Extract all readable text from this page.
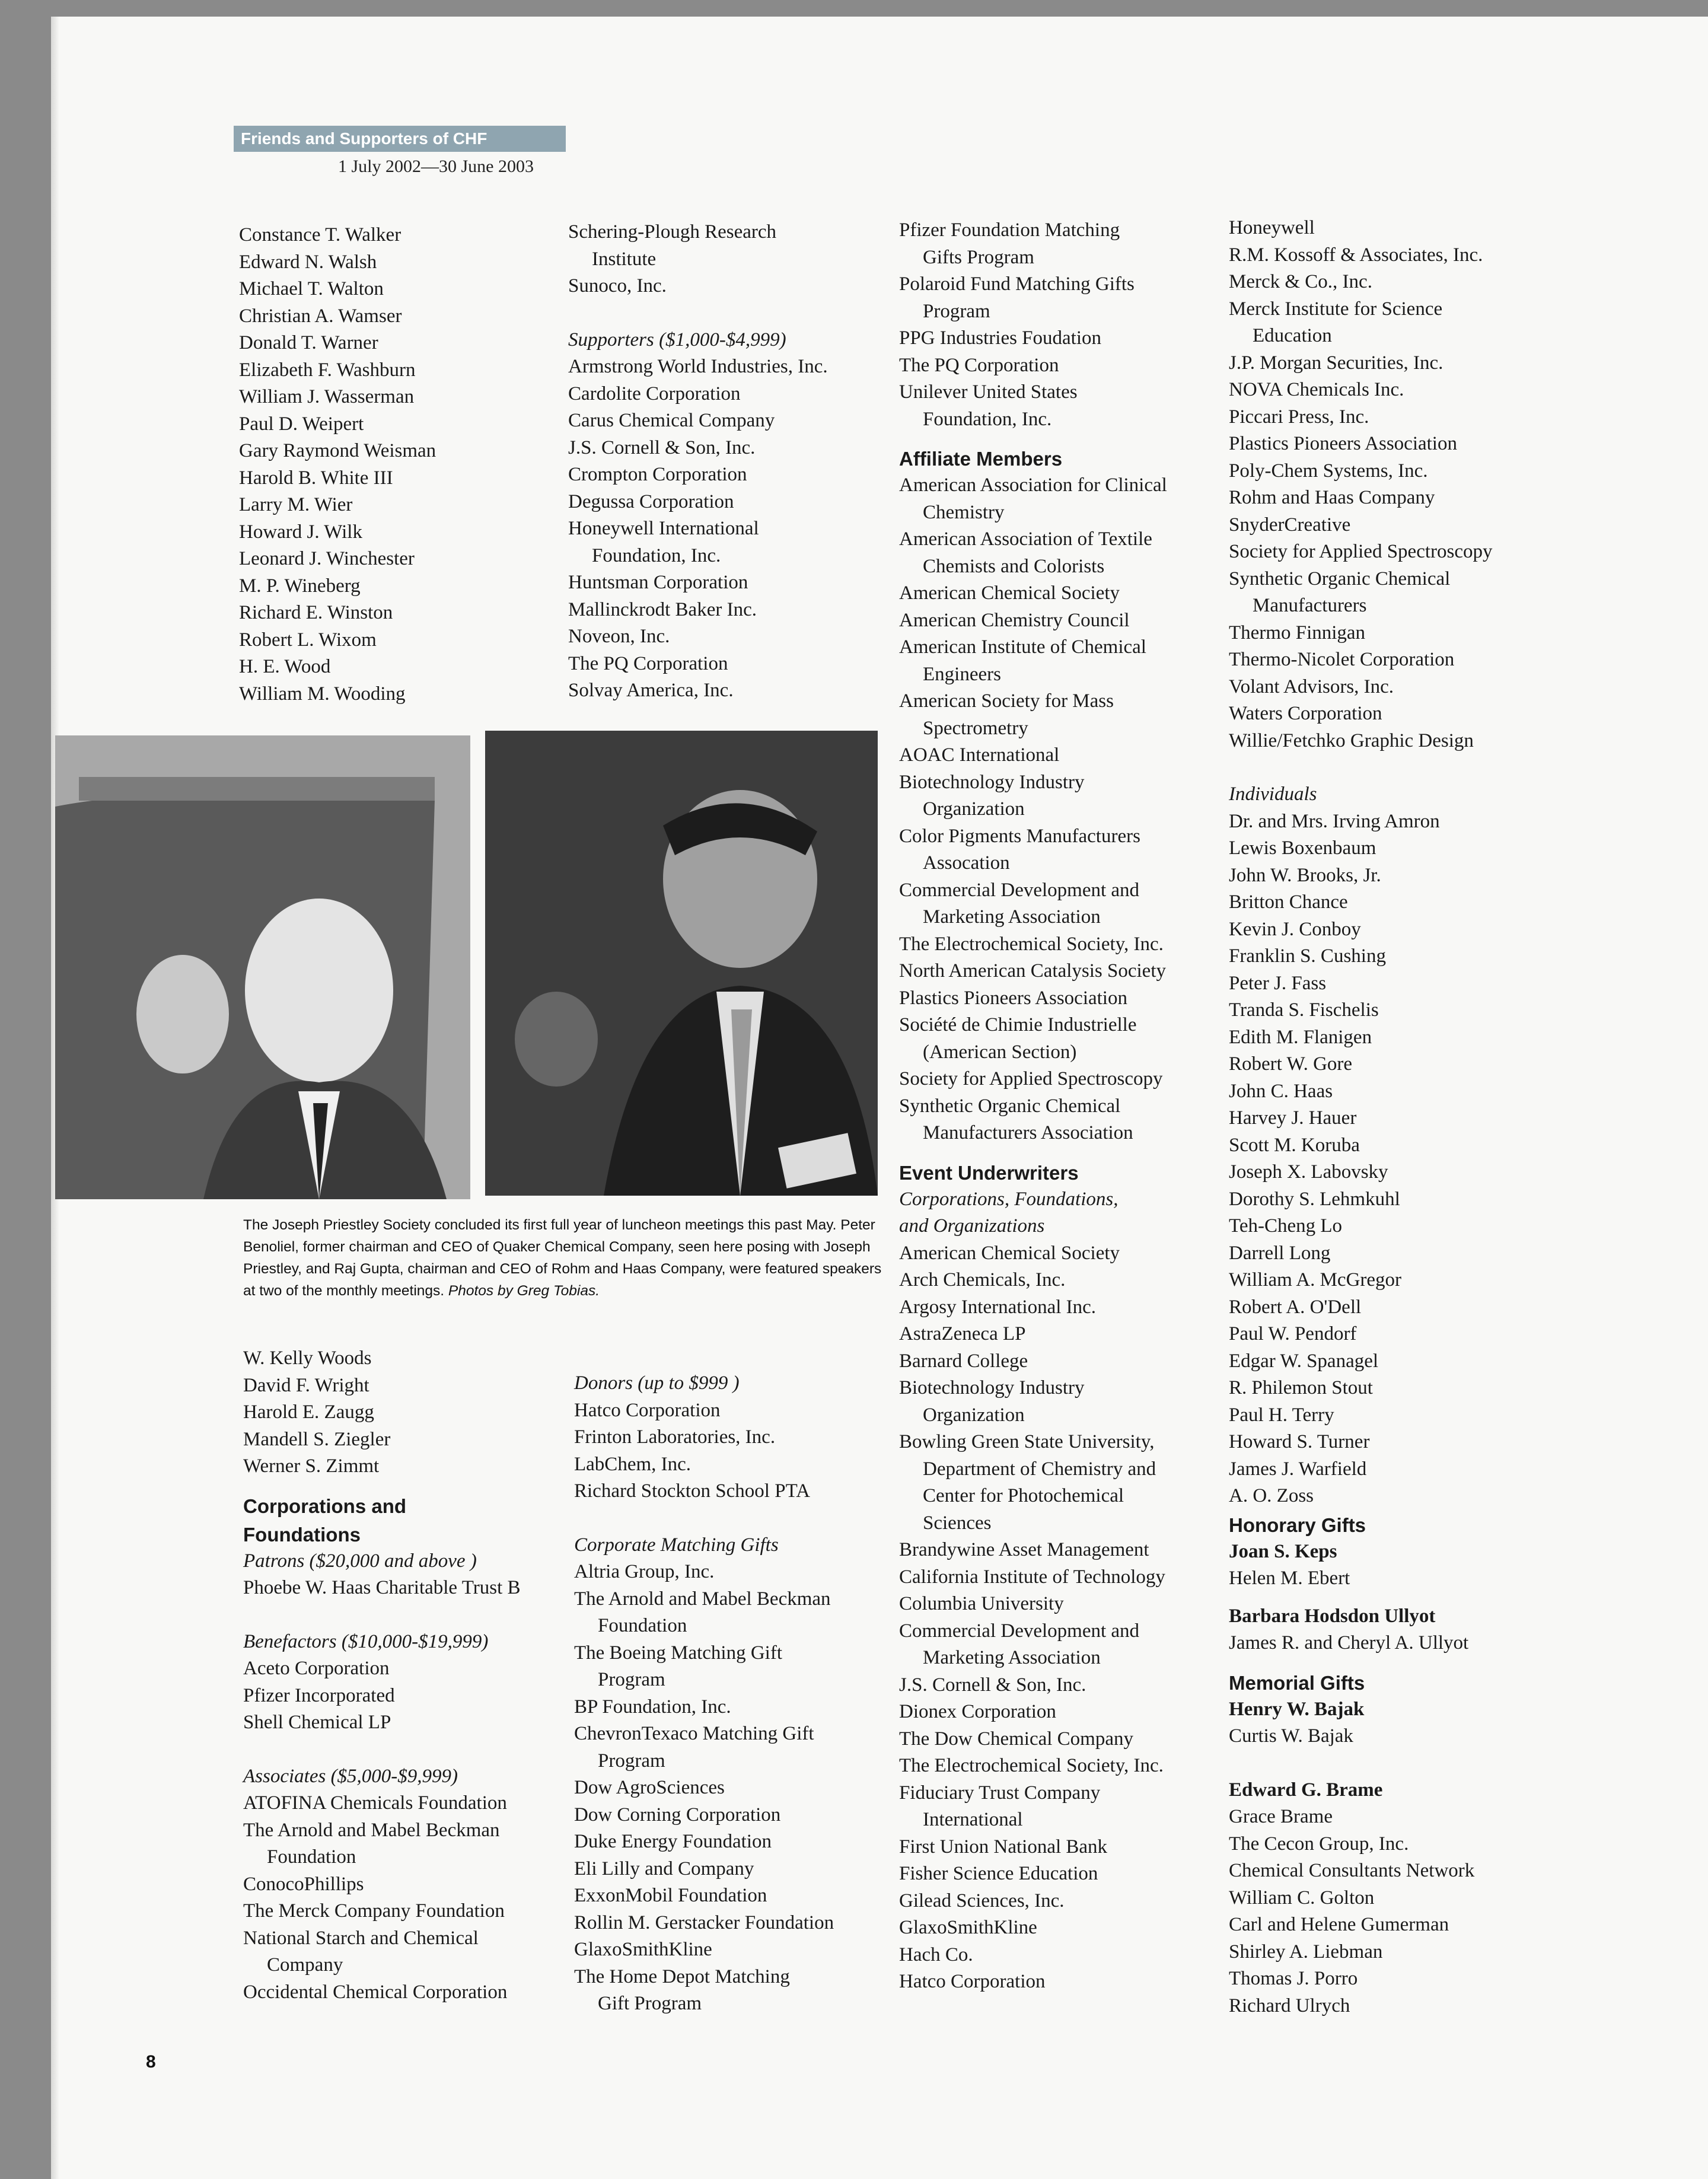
Friends and Supporters of CHF
1 July 2002—30 June 2003
Constance T. Walker
Edward N. Walsh
Michael T. Walton
Christian A. Wamser
Donald T. Warner
Elizabeth F. Washburn
William J. Wasserman
Paul D. Weipert
Gary Raymond Weisman
Harold B. White III
Larry M. Wier
Howard J. Wilk
Leonard J. Winchester
M. P. Wineberg
Richard E. Winston
Robert L. Wixom
H. E. Wood
William M. Wooding
Schering-Plough Research
Institute
Sunoco, Inc.
Supporters ($1,000-$4,999)
Armstrong World Industries, Inc.
Cardolite Corporation
Carus Chemical Company
J.S. Cornell & Son, Inc.
Crompton Corporation
Degussa Corporation
Honeywell International
Foundation, Inc.
Huntsman Corporation
Mallinckrodt Baker Inc.
Noveon, Inc.
The PQ Corporation
Solvay America, Inc.
The Joseph Priestley Society concluded its first full year of luncheon meetings this past May. Peter Benoliel, former chairman and CEO of Quaker Chemical Company, seen here posing with Joseph Priestley, and Raj Gupta, chairman and CEO of Rohm and Haas Company, were featured speakers at two of the monthly meetings. Photos by Greg Tobias.
W. Kelly Woods
David F. Wright
Harold E. Zaugg
Mandell S. Ziegler
Werner S. Zimmt
Corporations and
Foundations
Patrons ($20,000 and above )
Phoebe W. Haas Charitable Trust B
Benefactors ($10,000-$19,999)
Aceto Corporation
Pfizer Incorporated
Shell Chemical LP
Associates ($5,000-$9,999)
ATOFINA Chemicals Foundation
The Arnold and Mabel Beckman
Foundation
ConocoPhillips
The Merck Company Foundation
National Starch and Chemical
Company
Occidental Chemical Corporation
Donors (up to $999 )
Hatco Corporation
Frinton Laboratories, Inc.
LabChem, Inc.
Richard Stockton School PTA
Corporate Matching Gifts
Altria Group, Inc.
The Arnold and Mabel Beckman
Foundation
The Boeing Matching Gift
Program
BP Foundation, Inc.
ChevronTexaco Matching Gift
Program
Dow AgroSciences
Dow Corning Corporation
Duke Energy Foundation
Eli Lilly and Company
ExxonMobil Foundation
Rollin M. Gerstacker Foundation
GlaxoSmithKline
The Home Depot Matching
Gift Program
Pfizer Foundation Matching
Gifts Program
Polaroid Fund Matching Gifts
Program
PPG Industries Foudation
The PQ Corporation
Unilever United States
Foundation, Inc.
Affiliate Members
American Association for Clinical
Chemistry
American Association of Textile
Chemists and Colorists
American Chemical Society
American Chemistry Council
American Institute of Chemical
Engineers
American Society for Mass
Spectrometry
AOAC International
Biotechnology Industry
Organization
Color Pigments Manufacturers
Assocation
Commercial Development and
Marketing Association
The Electrochemical Society, Inc.
North American Catalysis Society
Plastics Pioneers Association
Société de Chimie Industrielle
(American Section)
Society for Applied Spectroscopy
Synthetic Organic Chemical
Manufacturers Association
Event Underwriters
Corporations, Foundations,
and Organizations
American Chemical Society
Arch Chemicals, Inc.
Argosy International Inc.
AstraZeneca LP
Barnard College
Biotechnology Industry
Organization
Bowling Green State University,
Department of Chemistry and
Center for Photochemical
Sciences
Brandywine Asset Management
California Institute of Technology
Columbia University
Commercial Development and
Marketing Association
J.S. Cornell & Son, Inc.
Dionex Corporation
The Dow Chemical Company
The Electrochemical Society, Inc.
Fiduciary Trust Company
International
First Union National Bank
Fisher Science Education
Gilead Sciences, Inc.
GlaxoSmithKline
Hach Co.
Hatco Corporation
Honeywell
R.M. Kossoff & Associates, Inc.
Merck & Co., Inc.
Merck Institute for Science
Education
J.P. Morgan Securities, Inc.
NOVA Chemicals Inc.
Piccari Press, Inc.
Plastics Pioneers Association
Poly-Chem Systems, Inc.
Rohm and Haas Company
SnyderCreative
Society for Applied Spectroscopy
Synthetic Organic Chemical
Manufacturers
Thermo Finnigan
Thermo-Nicolet Corporation
Volant Advisors, Inc.
Waters Corporation
Willie/Fetchko Graphic Design
Individuals
Dr. and Mrs. Irving Amron
Lewis Boxenbaum
John W. Brooks, Jr.
Britton Chance
Kevin J. Conboy
Franklin S. Cushing
Peter J. Fass
Tranda S. Fischelis
Edith M. Flanigen
Robert W. Gore
John C. Haas
Harvey J. Hauer
Scott M. Koruba
Joseph X. Labovsky
Dorothy S. Lehmkuhl
Teh-Cheng Lo
Darrell Long
William A. McGregor
Robert A. O'Dell
Paul W. Pendorf
Edgar W. Spanagel
R. Philemon Stout
Paul H. Terry
Howard S. Turner
James J. Warfield
A. O. Zoss
Honorary Gifts
Joan S. Keps
Helen M. Ebert
Barbara Hodsdon Ullyot
James R. and Cheryl A. Ullyot
Memorial Gifts
Henry W. Bajak
Curtis W. Bajak
Edward G. Brame
Grace Brame
The Cecon Group, Inc.
Chemical Consultants Network
William C. Golton
Carl and Helene Gumerman
Shirley A. Liebman
Thomas J. Porro
Richard Ulrych
8
